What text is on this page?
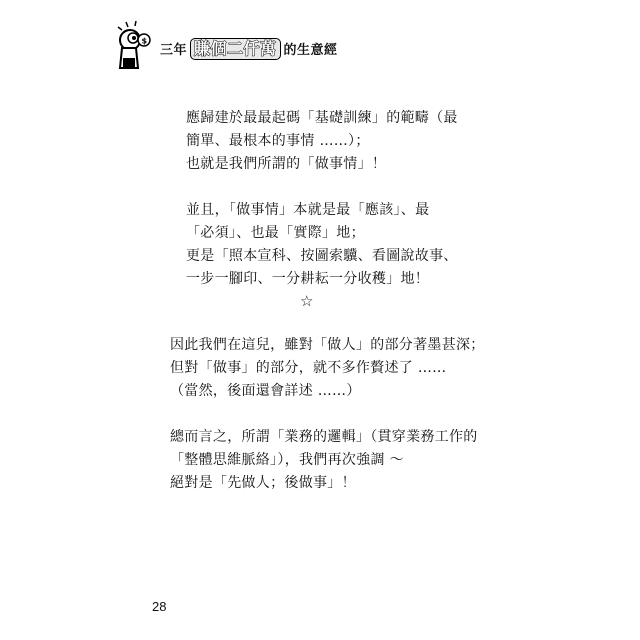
$
三年 賺個二仟萬 的生意經
應歸建於最最起碼「基礎訓練」的範疇（最
簡單、最根本的事情 ……）；
也就是我們所謂的「做事情」！
並且，「做事情」本就是最「應該」、最
「必須」、也最「實際」地；
更是「照本宣科、按圖索驥、看圖說故事、
一步一腳印、一分耕耘一分收穫」地！
☆
因此我們在這兒，雖對「做人」的部分著墨甚深；
但對「做事」的部分，就不多作贅述了 ……
（當然，後面還會詳述 ……）
總而言之，所謂「業務的邏輯」（貫穿業務工作的
「整體思維脈絡」），我們再次強調 ～
絕對是「先做人；後做事」！
28
